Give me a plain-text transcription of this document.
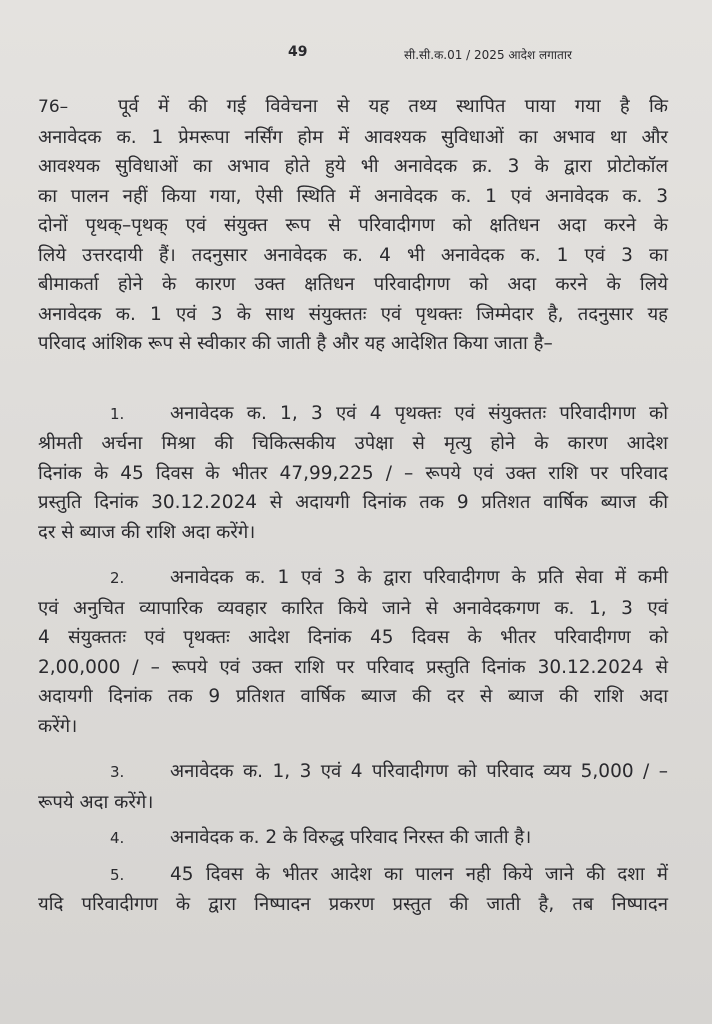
49	सी.सी.क.01 / 2025 आदेश लगातार
76–	पूर्व में की गई विवेचना से यह तथ्य स्थापित पाया गया है कि
अनावेदक क. 1 प्रेमरूपा नर्सिंग होम में आवश्यक सुविधाओं का अभाव था और
आवश्यक सुविधाओं का अभाव होते हुये भी अनावेदक क्र. 3 के द्वारा प्रोटोकॉल
का पालन नहीं किया गया, ऐसी स्थिति में अनावेदक क. 1 एवं अनावेदक क. 3
दोनों पृथक्–पृथक् एवं संयुक्त रूप से परिवादीगण को क्षतिधन अदा करने के
लिये उत्तरदायी हैं। तदनुसार अनावेदक क. 4 भी अनावेदक क. 1 एवं 3 का
बीमाकर्ता होने के कारण उक्त क्षतिधन परिवादीगण को अदा करने के लिये
अनावेदक क. 1 एवं 3 के साथ संयुक्ततः एवं पृथक्तः जिम्मेदार है, तदनुसार यह
परिवाद आंशिक रूप से स्वीकार की जाती है और यह आदेशित किया जाता है–
1. अनावेदक क. 1, 3 एवं 4 पृथक्तः एवं संयुक्ततः परिवादीगण को
श्रीमती अर्चना मिश्रा की चिकित्सकीय उपेक्षा से मृत्यु होने के कारण आदेश
दिनांक के 45 दिवस के भीतर 47,99,225 / – रूपये एवं उक्त राशि पर परिवाद
प्रस्तुति दिनांक 30.12.2024 से अदायगी दिनांक तक 9 प्रतिशत वार्षिक ब्याज की
दर से ब्याज की राशि अदा करेंगे।
2. अनावेदक क. 1 एवं 3 के द्वारा परिवादीगण के प्रति सेवा में कमी
एवं अनुचित व्यापारिक व्यवहार कारित किये जाने से अनावेदकगण क. 1, 3 एवं
4 संयुक्ततः एवं पृथक्तः आदेश दिनांक 45 दिवस के भीतर परिवादीगण को
2,00,000 / – रूपये एवं उक्त राशि पर परिवाद प्रस्तुति दिनांक 30.12.2024 से
अदायगी दिनांक तक 9 प्रतिशत वार्षिक ब्याज की दर से ब्याज की राशि अदा
करेंगे।
3. अनावेदक क. 1, 3 एवं 4 परिवादीगण को परिवाद व्यय 5,000 / –
रूपये अदा करेंगे।
4. अनावेदक क. 2 के विरुद्ध परिवाद निरस्त की जाती है।
5. 45 दिवस के भीतर आदेश का पालन नही किये जाने की दशा में
यदि परिवादीगण के द्वारा निष्पादन प्रकरण प्रस्तुत की जाती है, तब निष्पादन
